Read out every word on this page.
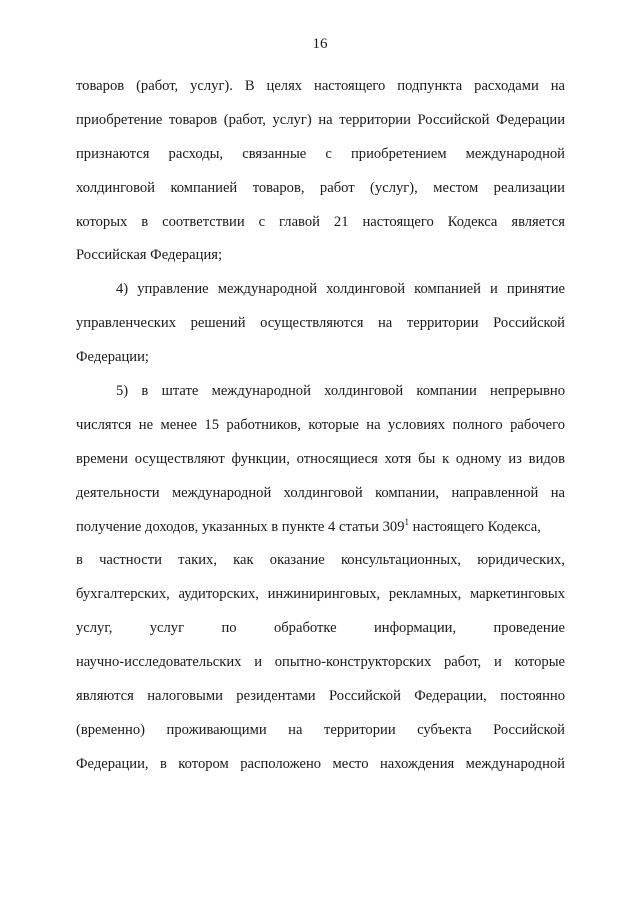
16
товаров (работ, услуг). В целях настоящего подпункта расходами на
приобретение товаров (работ, услуг) на территории Российской Федерации
признаются расходы, связанные с приобретением международной
холдинговой компанией товаров, работ (услуг), местом реализации
которых в соответствии с главой 21 настоящего Кодекса является
Российская Федерация;
4) управление международной холдинговой компанией и принятие
управленческих решений осуществляются на территории Российской
Федерации;
5) в штате международной холдинговой компании непрерывно
числятся не менее 15 работников, которые на условиях полного рабочего
времени осуществляют функции, относящиеся хотя бы к одному из видов
деятельности международной холдинговой компании, направленной на
получение доходов, указанных в пункте 4 статьи $309^1$ настоящего Кодекса,
в частности таких, как оказание консультационных, юридических,
бухгалтерских, аудиторских, инжиниринговых, рекламных, маркетинговых
услуг, услуг по обработке информации, проведение
научно-исследовательских и опытно-конструкторских работ, и которые
являются налоговыми резидентами Российской Федерации, постоянно
(временно) проживающими на территории субъекта Российской
Федерации, в котором расположено место нахождения международной
